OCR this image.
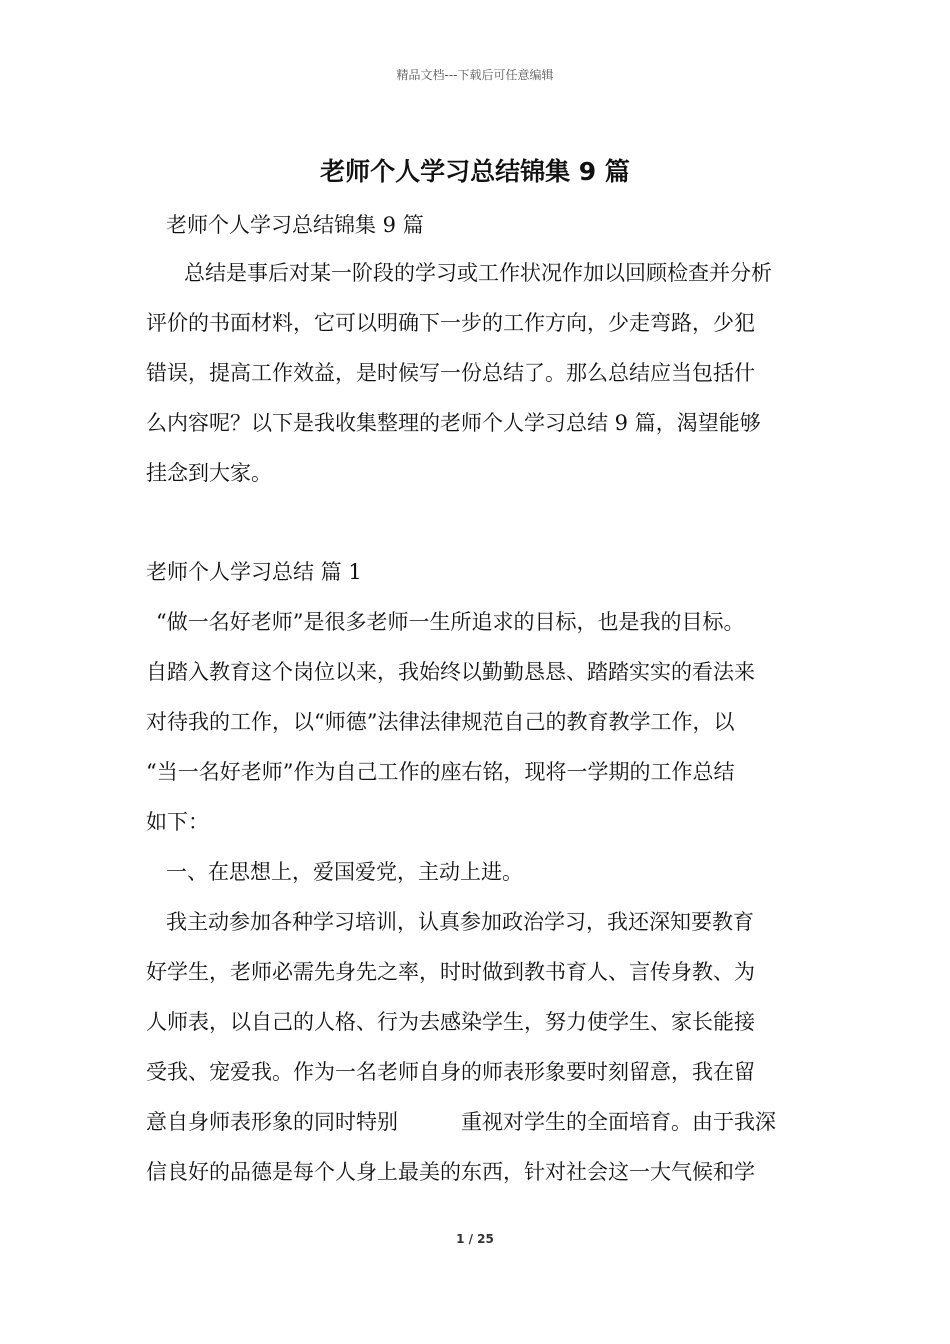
精品文档---下载后可任意编辑
老师个人学习总结锦集 9 篇
老师个人学习总结锦集 9 篇
总结是事后对某一阶段的学习或工作状况作加以回顾检查并分析
评价的书面材料，它可以明确下一步的工作方向，少走弯路，少犯
错误，提高工作效益，是时候写一份总结了。那么总结应当包括什
么内容呢？以下是我收集整理的老师个人学习总结 9 篇，渴望能够
挂念到大家。
老师个人学习总结 篇 1
“做一名好老师”是很多老师一生所追求的目标，也是我的目标。
自踏入教育这个岗位以来，我始终以勤勤恳恳、踏踏实实的看法来
对待我的工作，以“师德”法律法律规范自己的教育教学工作，以
“当一名好老师”作为自己工作的座右铭，现将一学期的工作总结
如下：
一、在思想上，爱国爱党，主动上进。
我主动参加各种学习培训，认真参加政治学习，我还深知要教育
好学生，老师必需先身先之率，时时做到教书育人、言传身教、为
人师表，以自己的人格、行为去感染学生，努力使学生、家长能接
受我、宠爱我。作为一名老师自身的师表形象要时刻留意，我在留
意自身师表形象的同时特别　　　重视对学生的全面培育。由于我深
信良好的品德是每个人身上最美的东西，针对社会这一大气候和学
1 / 25
